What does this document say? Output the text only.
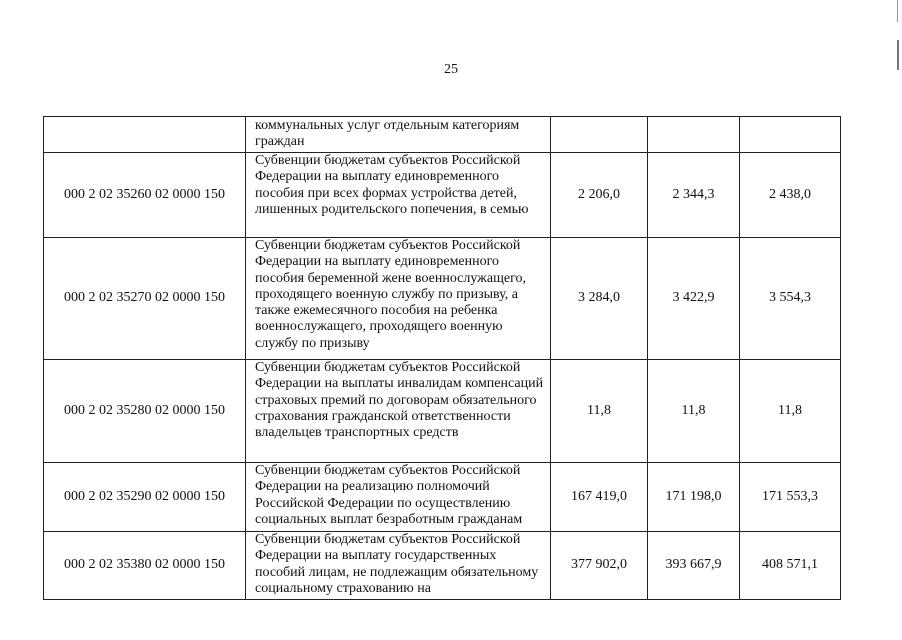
25
	коммунальных услуг отдельным категориям граждан			
000 2 02 35260 02 0000 150	Субвенции бюджетам субъектов Российской Федерации на выплату единовременного пособия при всех формах устройства детей, лишенных родительского попечения, в семью	2 206,0	2 344,3	2 438,0
000 2 02 35270 02 0000 150	Субвенции бюджетам субъектов Российской Федерации на выплату единовременного пособия беременной жене военнослужащего, проходящего военную службу по призыву, а также ежемесячного пособия на ребенка военнослужащего, проходящего военную службу по призыву	3 284,0	3 422,9	3 554,3
000 2 02 35280 02 0000 150	Субвенции бюджетам субъектов Российской Федерации на выплаты инвалидам компенсаций страховых премий по договорам обязательного страхования гражданской ответственности владельцев транспортных средств	11,8	11,8	11,8
000 2 02 35290 02 0000 150	Субвенции бюджетам субъектов Российской Федерации на реализацию полномочий Российской Федерации по осуществлению социальных выплат безработным гражданам	167 419,0	171 198,0	171 553,3
000 2 02 35380 02 0000 150	Субвенции бюджетам субъектов Российской Федерации на выплату государственных пособий лицам, не подлежащим обязательному социальному страхованию на	377 902,0	393 667,9	408 571,1
